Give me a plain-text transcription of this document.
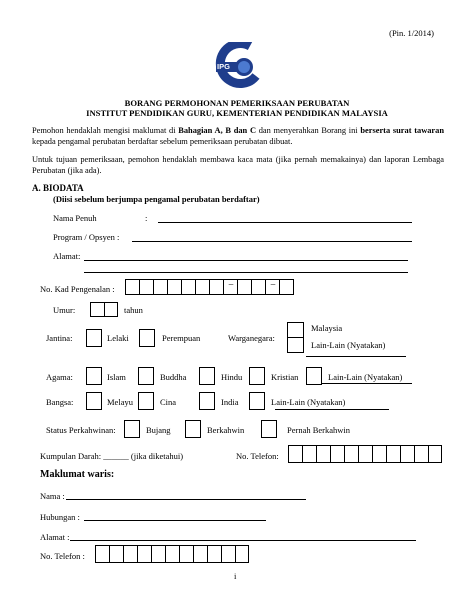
(Pin. 1/2014)
IPG
BORANG PERMOHONAN PEMERIKSAAN PERUBATAN
INSTITUT PENDIDIKAN GURU, KEMENTERIAN PENDIDIKAN MALAYSIA
Pemohon hendaklah mengisi maklumat di Bahagian A, B dan C dan menyerahkan Borang ini berserta surat tawaran kepada pengamal perubatan berdaftar sebelum pemeriksaan perubatan dibuat.
Untuk tujuan pemeriksaan, pemohon hendaklah membawa kaca mata (jika pernah memakainya) dan laporan Lembaga Perubatan (jika ada).
A. BIODATA
(Diisi sebelum berjumpa pengamal perubatan berdaftar)
Nama Penuh	:
Program / Opsyen :
Alamat:
No. Kad Pengenalan :	–	–
Umur:	tahun
Jantina:	Lelaki	Perempuan	Warganegara:
Malaysia
Lain-Lain (Nyatakan)
Agama:	Islam	Buddha	Hindu	Kristian	Lain-Lain (Nyatakan)
Bangsa:	Melayu	Cina	India	Lain-Lain (Nyatakan)
Status Perkahwinan:	Bujang	Berkahwin	Pernah Berkahwin
Kumpulan Darah: ______ (jika diketahui)	No. Telefon:
Maklumat waris:
Nama :
Hubungan :
Alamat :
No. Telefon :
i
